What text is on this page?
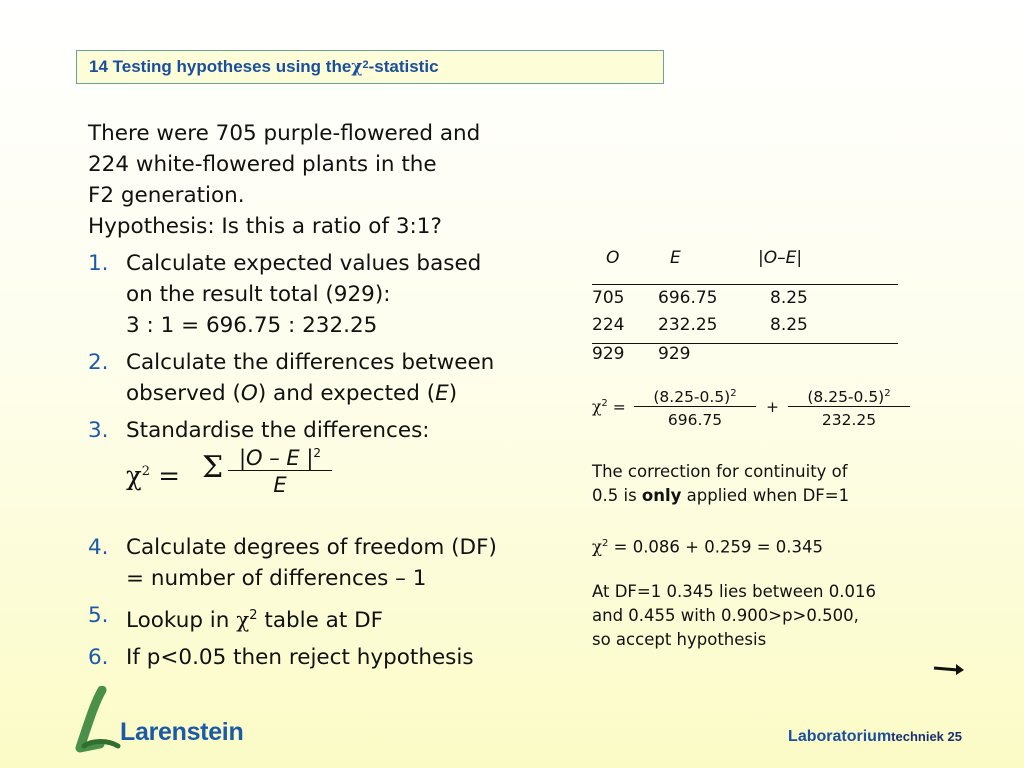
14 Testing hypotheses using the $\chi^2$ -statistic
There were 705 purple-flowered and
224 white-flowered plants in the
F2 generation.
Hypothesis: Is this a ratio of 3:1?
1. Calculate expected values based
on the result total (929):
3 : 1 = 696.75 : 232.25
2. Calculate the differences between
observed (O) and expected (E)
3. Standardise the differences:
$\chi^2 = \Sigma$ |O – E $|^2$
E
4. Calculate degrees of freedom (DF)
= number of differences – 1
5. Lookup in $\chi^2$ table at DF
6. If p<0.05 then reject hypothesis
O	E	|O–E|
705 696.75	8.25
224 232.25	8.25
929 929
$\chi^2 = \frac{(8.25-0.5)^2}{696.75} + \frac{(8.25-0.5)^2}{232.25}$
The correction for continuity of
0.5 is only applied when DF=1
$\chi^2 = 0.086 + 0.259 = 0.345$
At DF=1 0.345 lies between 0.016
and 0.455 with 0.900>p>0.500,
so accept hypothesis
Larenstein	Laboratoriumtechniek 25
